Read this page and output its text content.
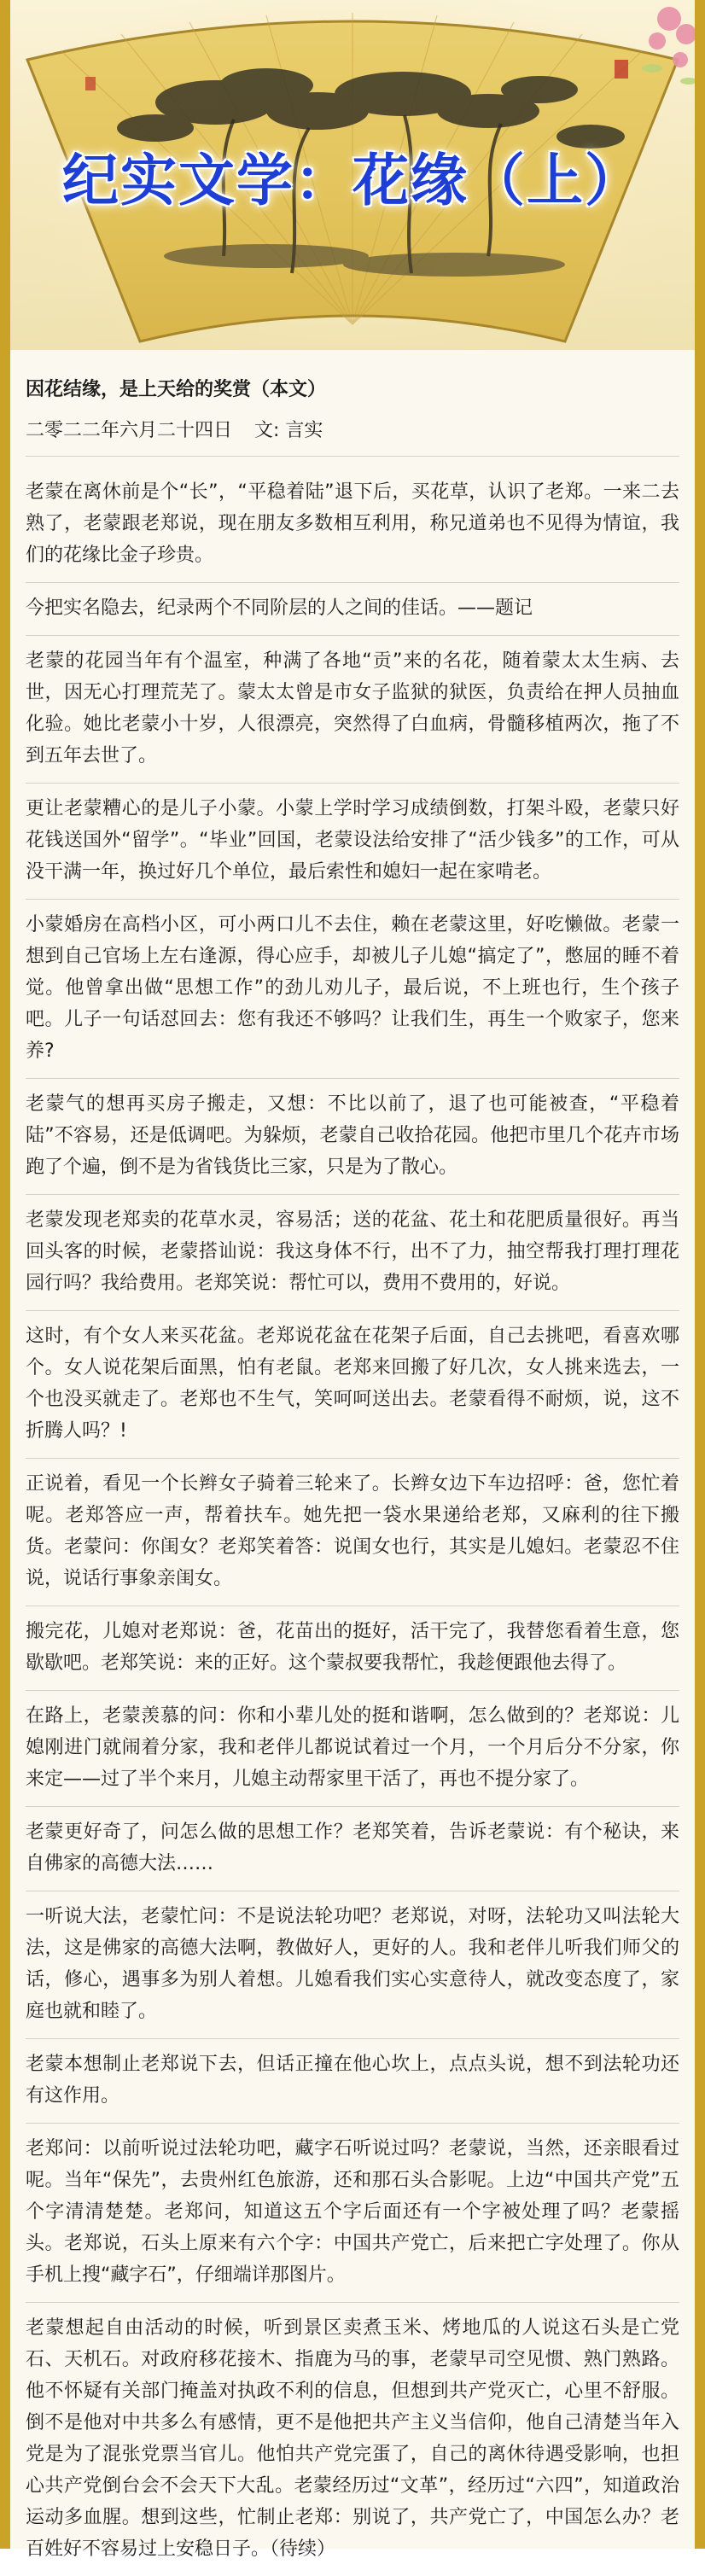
纪实文学：花缘（上）

因花结缘，是上天给的奖赏（本文）

二零二二年六月二十四日 文: 言实

老蒙在离休前是个“长”，“平稳着陆”退下后，买花草，认识了老郑。一来二去熟了，老蒙跟老郑说，现在朋友多数相互利用，称兄道弟也不见得为情谊，我们的花缘比金子珍贵。

今把实名隐去，纪录两个不同阶层的人之间的佳话。——题记

老蒙的花园当年有个温室，种满了各地“贡”来的名花，随着蒙太太生病、去世，因无心打理荒芜了。蒙太太曾是市女子监狱的狱医，负责给在押人员抽血化验。她比老蒙小十岁，人很漂亮，突然得了白血病，骨髓移植两次，拖了不到五年去世了。

更让老蒙糟心的是儿子小蒙。小蒙上学时学习成绩倒数，打架斗殴，老蒙只好花钱送国外“留学”。“毕业”回国，老蒙设法给安排了“活少钱多”的工作，可从没干满一年，换过好几个单位，最后索性和媳妇一起在家啃老。

小蒙婚房在高档小区，可小两口儿不去住，赖在老蒙这里，好吃懒做。老蒙一想到自己官场上左右逢源，得心应手，却被儿子儿媳“搞定了”，憋屈的睡不着觉。他曾拿出做“思想工作”的劲儿劝儿子，最后说，不上班也行，生个孩子吧。儿子一句话怼回去：您有我还不够吗？让我们生，再生一个败家子，您来养?

老蒙气的想再买房子搬走，又想：不比以前了，退了也可能被查，“平稳着陆”不容易，还是低调吧。为躲烦，老蒙自己收拾花园。他把市里几个花卉市场跑了个遍，倒不是为省钱货比三家，只是为了散心。

老蒙发现老郑卖的花草水灵，容易活；送的花盆、花土和花肥质量很好。再当回头客的时候，老蒙搭讪说：我这身体不行，出不了力，抽空帮我打理打理花园行吗？我给费用。老郑笑说：帮忙可以，费用不费用的，好说。

这时，有个女人来买花盆。老郑说花盆在花架子后面，自己去挑吧，看喜欢哪个。女人说花架后面黑，怕有老鼠。老郑来回搬了好几次，女人挑来选去，一个也没买就走了。老郑也不生气，笑呵呵送出去。老蒙看得不耐烦，说，这不折腾人吗？!

正说着，看见一个长辫女子骑着三轮来了。长辫女边下车边招呼：爸，您忙着呢。老郑答应一声，帮着扶车。她先把一袋水果递给老郑，又麻利的往下搬货。老蒙问：你闺女？老郑笑着答：说闺女也行，其实是儿媳妇。老蒙忍不住说，说话行事象亲闺女。

搬完花，儿媳对老郑说：爸，花苗出的挺好，活干完了，我替您看着生意，您歇歇吧。老郑笑说：来的正好。这个蒙叔要我帮忙，我趁便跟他去得了。

在路上，老蒙羡慕的问：你和小辈儿处的挺和谐啊，怎么做到的？老郑说：儿媳刚进门就闹着分家，我和老伴儿都说试着过一个月，一个月后分不分家，你来定——过了半个来月，儿媳主动帮家里干活了，再也不提分家了。

老蒙更好奇了，问怎么做的思想工作？老郑笑着，告诉老蒙说：有个秘诀，来自佛家的高德大法……

一听说大法，老蒙忙问：不是说法轮功吧？老郑说，对呀，法轮功又叫法轮大法，这是佛家的高德大法啊，教做好人，更好的人。我和老伴儿听我们师父的话，修心，遇事多为别人着想。儿媳看我们实心实意待人，就改变态度了，家庭也就和睦了。

老蒙本想制止老郑说下去，但话正撞在他心坎上，点点头说，想不到法轮功还有这作用。

老郑问：以前听说过法轮功吧，藏字石听说过吗？老蒙说，当然，还亲眼看过呢。当年“保先”，去贵州红色旅游，还和那石头合影呢。上边“中国共产党”五个字清清楚楚。老郑问，知道这五个字后面还有一个字被处理了吗？老蒙摇头。老郑说，石头上原来有六个字：中国共产党亡，后来把亡字处理了。你从手机上搜“藏字石”，仔细端详那图片。

老蒙想起自由活动的时候，听到景区卖煮玉米、烤地瓜的人说这石头是亡党石、天机石。对政府移花接木、指鹿为马的事，老蒙早司空见惯、熟门熟路。他不怀疑有关部门掩盖对执政不利的信息，但想到共产党灭亡，心里不舒服。倒不是他对中共多么有感情，更不是他把共产主义当信仰，他自己清楚当年入党是为了混张党票当官儿。他怕共产党完蛋了，自己的离休待遇受影响，也担心共产党倒台会不会天下大乱。老蒙经历过“文革”，经历过“六四”，知道政治运动多血腥。想到这些，忙制止老郑：别说了，共产党亡了，中国怎么办？老百姓好不容易过上安稳日子。（待续）
